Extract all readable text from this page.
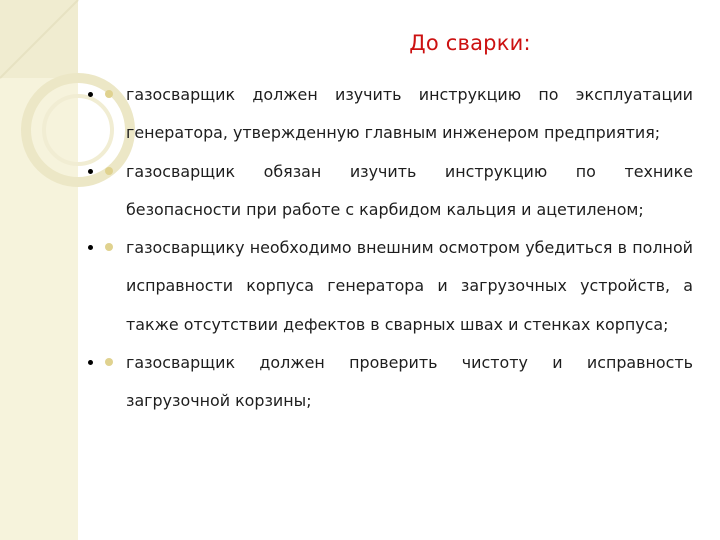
До сварки:
• газосварщик должен изучить инструкцию по эксплуатации генератора, утвержденную главным инженером предприятия;
• газосварщик обязан изучить инструкцию по технике безопасности при работе с карбидом кальция и ацетиленом;
• газосварщику необходимо внешним осмотром убедиться в полной исправности корпуса генератора и загрузочных устройств, а также отсутствии дефектов в сварных швах и стенках корпуса;
• газосварщик должен проверить чистоту и исправность загрузочной корзины;
